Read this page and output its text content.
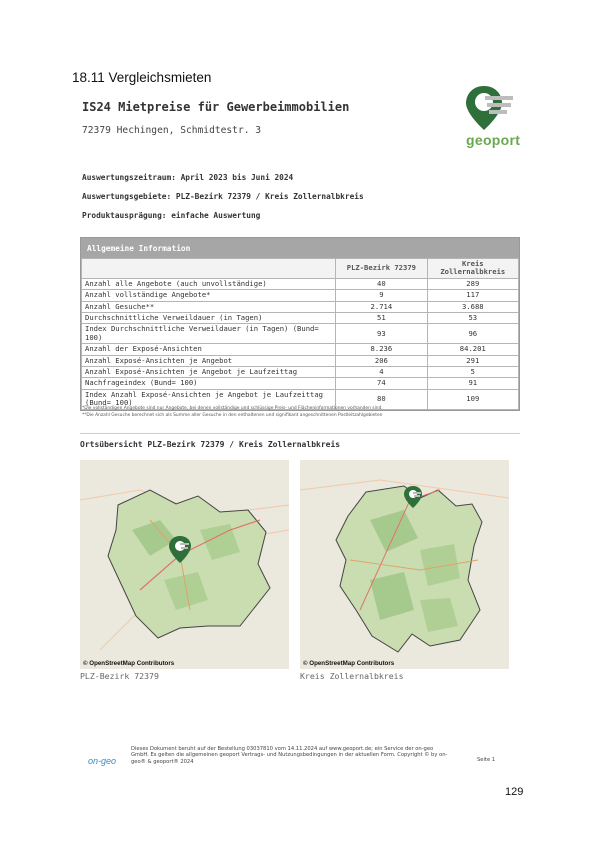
18.11 Vergleichsmieten
IS24 Mietpreise für Gewerbeimmobilien
72379 Hechingen, Schmidtestr. 3
geoport
Auswertungszeitraum: April 2023 bis Juni 2024
Auswertungsgebiete: PLZ-Bezirk 72379 / Kreis Zollernalbkreis
Produktausprägung: einfache Auswertung
Allgemeine Information
	PLZ-Bezirk 72379	Kreis Zollernalbkreis
Anzahl alle Angebote (auch unvollständige)	40	289
Anzahl vollständige Angebote*	9	117
Anzahl Gesuche**	2.714	3.688
Durchschnittliche Verweildauer (in Tagen)	51	53
Index Durchschnittliche Verweildauer (in Tagen) (Bund= 100)	93	96
Anzahl der Exposé-Ansichten	8.236	84.201
Anzahl Exposé-Ansichten je Angebot	206	291
Anzahl Exposé-Ansichten je Angebot je Laufzeittag	4	5
Nachfrageindex (Bund= 100)	74	91
Index Anzahl Exposé-Ansichten je Angebot je Laufzeittag (Bund= 100)	80	109
*Die vollständigen Angebote sind nur Angebote, bei denen vollständige und schlüssige Preis- und Flächeninformationen vorhanden sind.
**Die Anzahl Gesuche berechnet sich als Summe aller Gesuche in den enthaltenen und signifikant angeschnittenen Postleitzahlgebieten
Ortsübersicht PLZ-Bezirk 72379 / Kreis Zollernalbkreis
© OpenStreetMap Contributors
PLZ-Bezirk 72379
© OpenStreetMap Contributors
Kreis Zollernalbkreis
on-geo
Dieses Dokument beruht auf der Bestellung 03037810 vom 14.11.2024 auf www.geoport.de; ein Service der on-geo GmbH. Es gelten die allgemeinen geoport Vertrags- und Nutzungsbedingungen in der aktuellen Form. Copyright © by on-geo® & geoport® 2024	Seite 1
129
